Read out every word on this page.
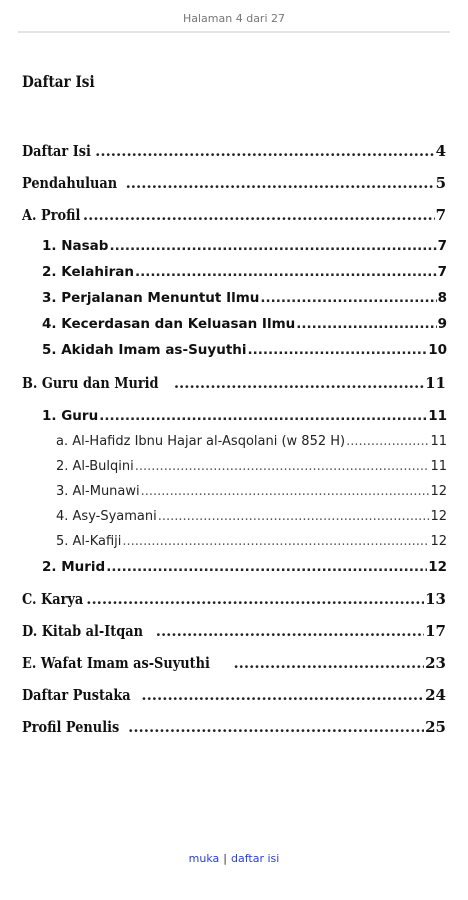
Halaman 4 dari 27
Daftar Isi
Daftar Isi .....	4
Pendahuluan .....	5
A. Profil .....	7
1. Nasab .....	7
2. Kelahiran .....	7
3. Perjalanan Menuntut Ilmu .....	8
4. Kecerdasan dan Keluasan Ilmu .....	9
5. Akidah Imam as-Suyuthi .....	10
B. Guru dan Murid .....	11
1. Guru .....	11
a. Al-Hafidz Ibnu Hajar al-Asqolani (w 852 H) .....	11
2. Al-Bulqini .....	11
3. Al-Munawi .....	12
4. Asy-Syamani .....	12
5. Al-Kafiji .....	12
2. Murid .....	12
C. Karya .....	13
D. Kitab al-Itqan .....	17
E. Wafat Imam as-Suyuthi .....	23
Daftar Pustaka .....	24
Profil Penulis .....	25
muka | daftar isi
